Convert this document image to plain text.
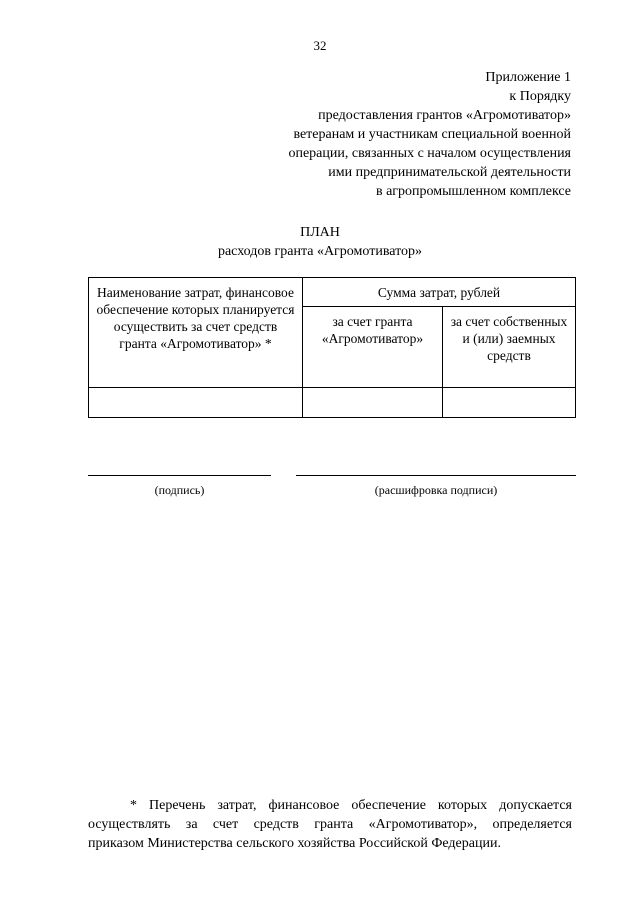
32
Приложение 1
к Порядку
предоставления грантов «Агромотиватор»
ветеранам и участникам специальной военной
операции, связанных с началом осуществления
ими предпринимательской деятельности
в агропромышленном комплексе
ПЛАН
расходов гранта «Агромотиватор»
Наименование затрат, финансовое обеспечение которых планируется осуществить за счет средств гранта «Агромотиватор» *	Сумма затрат, рублей	
	за счет гранта «Агромотиватор»	за счет собственных и (или) заемных средств

(подпись)	(расшифровка подписи)
* Перечень затрат, финансовое обеспечение которых допускается
осуществлять за счет средств гранта «Агромотиватор», определяется
приказом Министерства сельского хозяйства Российской Федерации.
